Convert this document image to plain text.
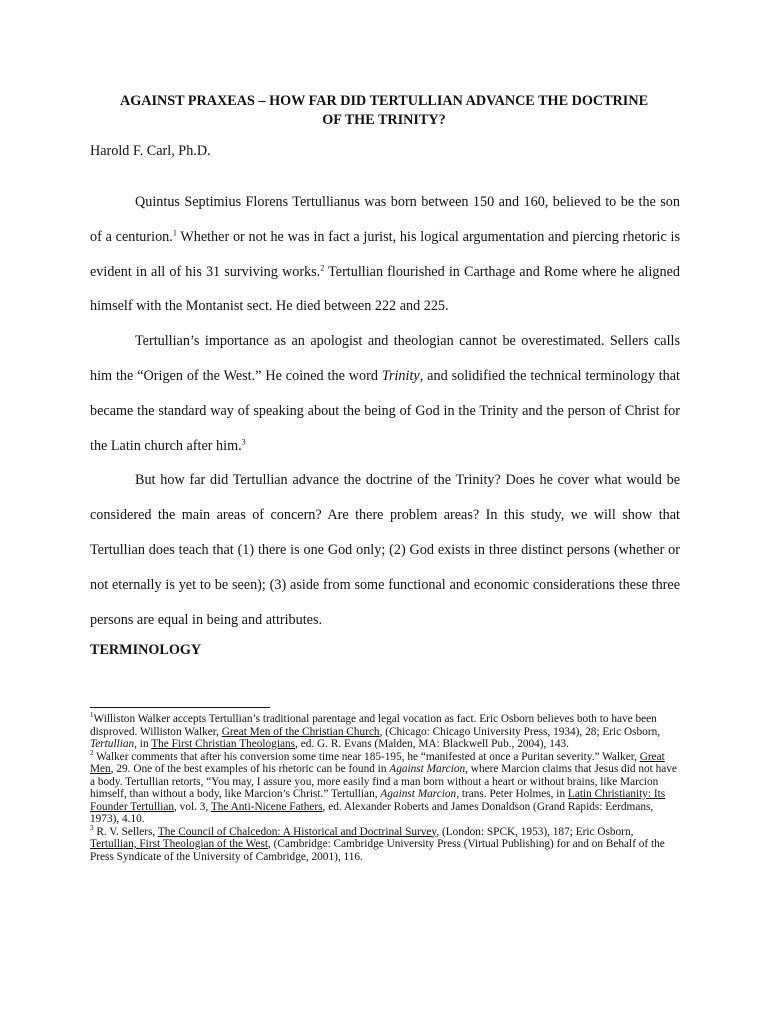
AGAINST PRAXEAS – HOW FAR DID TERTULLIAN ADVANCE THE DOCTRINE
OF THE TRINITY?
Harold F. Carl, Ph.D.

Quintus Septimius Florens Tertullianus was born between 150 and 160, believed to be the son of a centurion.$^1$ Whether or not he was in fact a jurist, his logical argumentation and piercing rhetoric is evident in all of his 31 surviving works.$^2$ Tertullian flourished in Carthage and Rome where he aligned himself with the Montanist sect. He died between 222 and 225.

Tertullian’s importance as an apologist and theologian cannot be overestimated. Sellers calls him the “Origen of the West.” He coined the word Trinity, and solidified the technical terminology that became the standard way of speaking about the being of God in the Trinity and the person of Christ for the Latin church after him.$^3$

But how far did Tertullian advance the doctrine of the Trinity? Does he cover what would be considered the main areas of concern? Are there problem areas? In this study, we will show that Tertullian does teach that (1) there is one God only; (2) God exists in three distinct persons (whether or not eternally is yet to be seen); (3) aside from some functional and economic considerations these three persons are equal in being and attributes.

TERMINOLOGY

$^1$Williston Walker accepts Tertullian’s traditional parentage and legal vocation as fact. Eric Osborn believes both to have been disproved. Williston Walker, Great Men of the Christian Church, (Chicago: Chicago University Press, 1934), 28; Eric Osborn, Tertullian, in The First Christian Theologians, ed. G. R. Evans (Malden, MA: Blackwell Pub., 2004), 143.

$^2$ Walker comments that after his conversion some time near 185-195, he “manifested at once a Puritan severity.” Walker, Great Men, 29. One of the best examples of his rhetoric can be found in Against Marcion, where Marcion claims that Jesus did not have a body. Tertullian retorts, “You may, I assure you, more easily find a man born without a heart or without brains, like Marcion himself, than without a body, like Marcion’s Christ.” Tertullian, Against Marcion, trans. Peter Holmes, in Latin Christianity: Its Founder Tertullian, vol. 3, The Anti-Nicene Fathers, ed. Alexander Roberts and James Donaldson (Grand Rapids: Eerdmans, 1973), 4.10.

$^3$ R. V. Sellers, The Council of Chalcedon: A Historical and Doctrinal Survey, (London: SPCK, 1953), 187; Eric Osborn, Tertullian, First Theologian of the West, (Cambridge: Cambridge University Press (Virtual Publishing) for and on Behalf of the Press Syndicate of the University of Cambridge, 2001), 116.
